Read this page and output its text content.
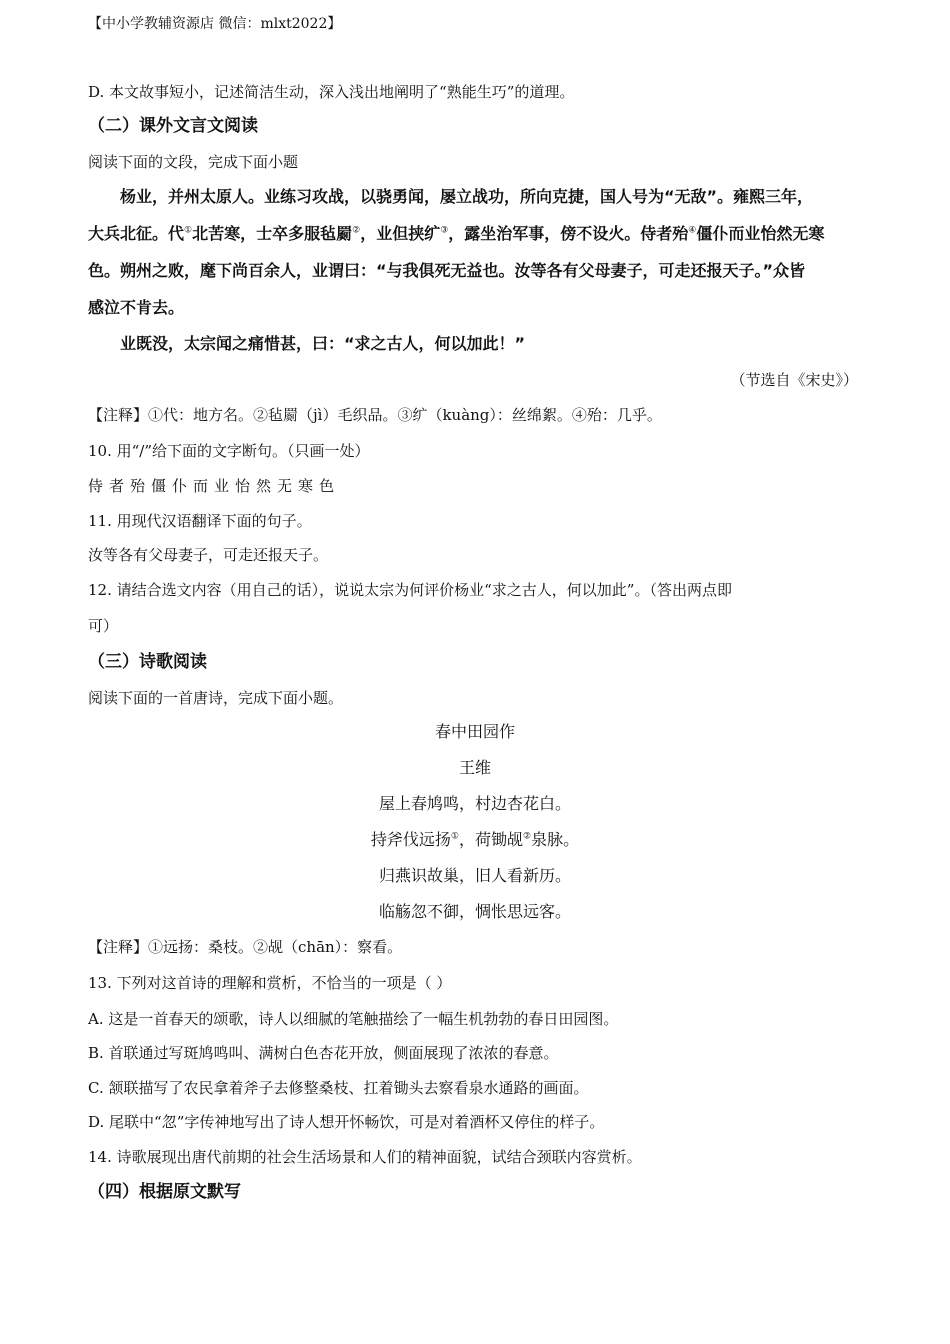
【中小学教辅资源店 微信：mlxt2022】
D. 本文故事短小，记述简洁生动，深入浅出地阐明了“熟能生巧”的道理。
（二）课外文言文阅读
阅读下面的文段，完成下面小题
杨业，并州太原人。业练习攻战，以骁勇闻，屡立战功，所向克捷，国人号为“无敌”。雍熙三年，
大兵北征。代①北苦寒，士卒多服毡罽②，业但挟纩③，露坐治军事，傍不设火。侍者殆④僵仆而业怡然无寒
色。朔州之败，麾下尚百余人，业谓曰：“与我俱死无益也。汝等各有父母妻子，可走还报天子。”众皆
感泣不肯去。
业既没，太宗闻之痛惜甚，曰：“求之古人，何以加此！”
（节选自《宋史》）
【注释】①代：地方名。②毡罽（jì）毛织品。③纩（kuàng）：丝绵絮。④殆：几乎。
10. 用“/”给下面的文字断句。（只画一处）
侍者殆僵仆而业怡然无寒色
11. 用现代汉语翻译下面的句子。
汝等各有父母妻子，可走还报天子。
12. 请结合选文内容（用自己的话），说说太宗为何评价杨业“求之古人，何以加此”。（答出两点即
可）
（三）诗歌阅读
阅读下面的一首唐诗，完成下面小题。
春中田园作
王维
屋上春鸠鸣，村边杏花白。
持斧伐远扬①，荷锄觇②泉脉。
归燕识故巢，旧人看新历。
临觞忽不御，惆怅思远客。
【注释】①远扬：桑枝。②觇（chān）：察看。
13. 下列对这首诗的理解和赏析，不恰当的一项是（ ）
A. 这是一首春天的颂歌，诗人以细腻的笔触描绘了一幅生机勃勃的春日田园图。
B. 首联通过写斑鸠鸣叫、满树白色杏花开放，侧面展现了浓浓的春意。
C. 颔联描写了农民拿着斧子去修整桑枝、扛着锄头去察看泉水通路的画面。
D. 尾联中“忽”字传神地写出了诗人想开怀畅饮，可是对着酒杯又停住的样子。
14. 诗歌展现出唐代前期的社会生活场景和人们的精神面貌，试结合颈联内容赏析。
（四）根据原文默写
